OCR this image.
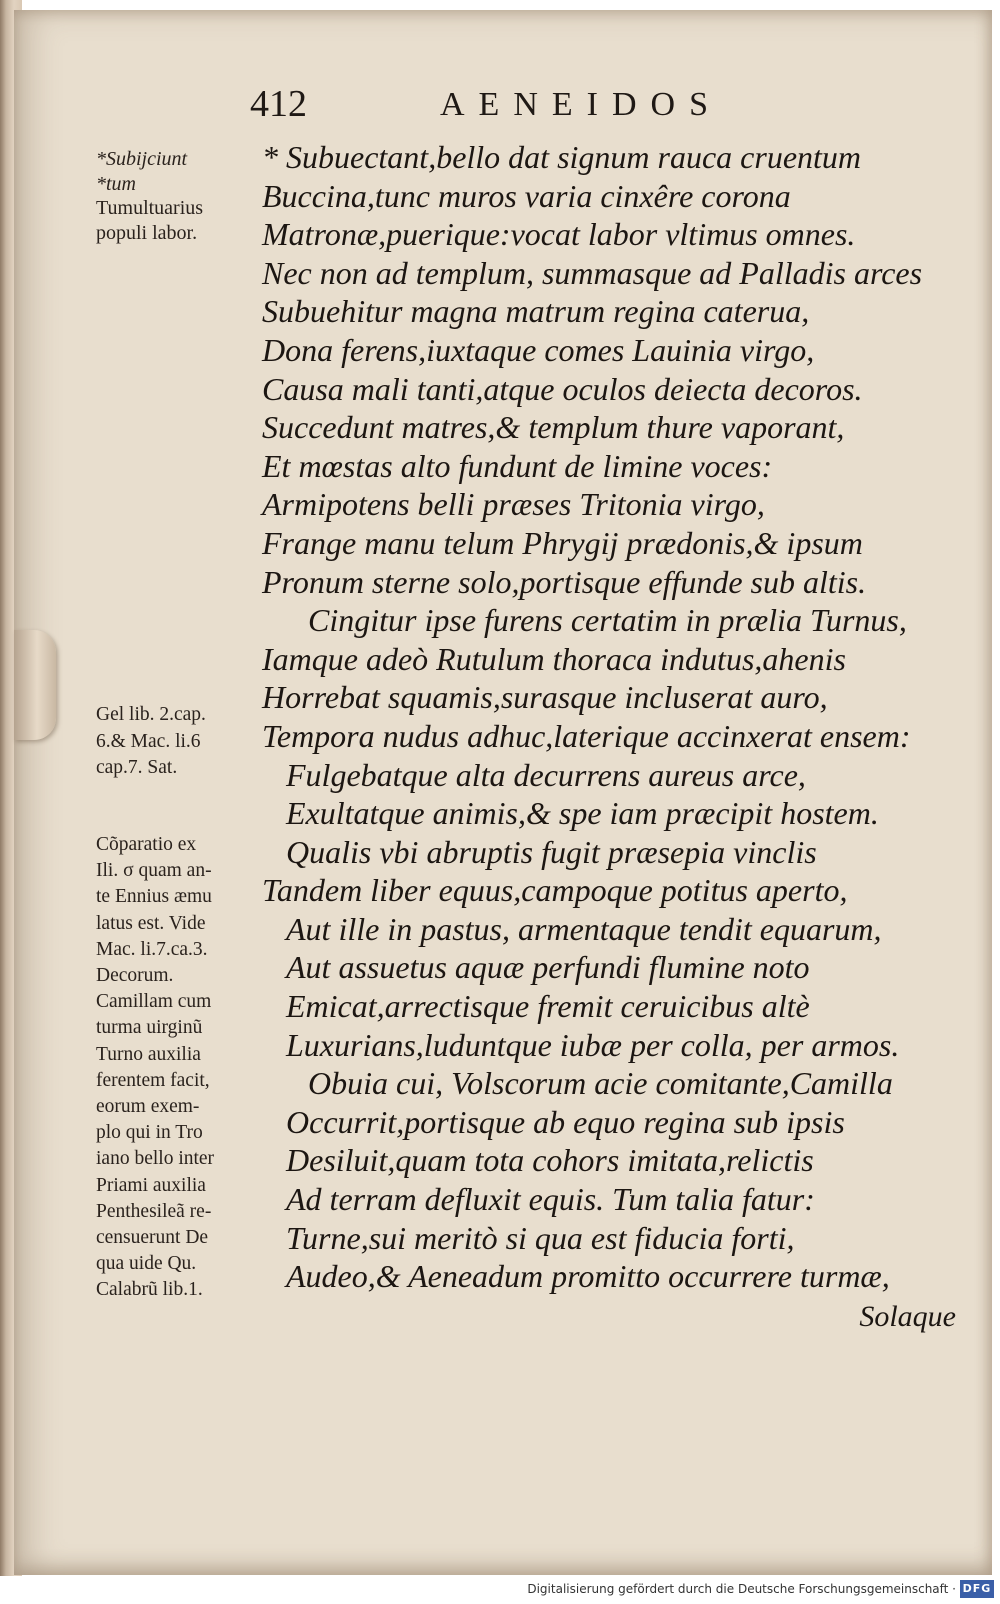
412	AENEIDOS
*Subijciunt
*tum
Tumultuarius
populi labor.
Gel lib. 2.cap.
6.& Mac. li.6
cap.7. Sat.
Cõparatio ex
Ili. σ quam an-
te Ennius æmu
latus est. Vide
Mac. li.7.ca.3.
Decorum.
Camillam cum
turma uirginũ
Turno auxilia
ferentem facit,
eorum exem-
plo qui in Tro
iano bello inter
Priami auxilia
Penthesileã re-
censuerunt De
qua uide Qu.
Calabrũ lib.1.
* Subuectant,bello dat signum rauca cruentum
Buccina,tunc muros varia cinxêre corona
Matronæ,puerique:vocat labor vltimus omnes.
Nec non ad templum, summasque ad Palladis arces
Subuehitur magna matrum regina caterua,
Dona ferens,iuxtaque comes Lauinia virgo,
Causa mali tanti,atque oculos deiecta decoros.
Succedunt matres,& templum thure vaporant,
Et mœstas alto fundunt de limine voces:
Armipotens belli præses Tritonia virgo,
Frange manu telum Phrygij prædonis,& ipsum
Pronum sterne solo,portisque effunde sub altis.
Cingitur ipse furens certatim in prælia Turnus,
Iamque adeò Rutulum thoraca indutus,ahenis
Horrebat squamis,surasque incluserat auro,
Tempora nudus adhuc,laterique accinxerat ensem:
Fulgebatque alta decurrens aureus arce,
Exultatque animis,& spe iam præcipit hostem.
Qualis vbi abruptis fugit præsepia vinclis
Tandem liber equus,campoque potitus aperto,
Aut ille in pastus, armentaque tendit equarum,
Aut assuetus aquæ perfundi flumine noto
Emicat,arrectisque fremit ceruicibus altè
Luxurians,luduntque iubæ per colla, per armos.
Obuia cui, Volscorum acie comitante,Camilla
Occurrit,portisque ab equo regina sub ipsis
Desiluit,quam tota cohors imitata,relictis
Ad terram defluxit equis. Tum talia fatur:
Turne,sui meritò si qua est fiducia forti,
Audeo,& Aeneadum promitto occurrere turmæ,
Solaque
Digitalisierung gefördert durch die Deutsche Forschungsgemeinschaft · DFG
